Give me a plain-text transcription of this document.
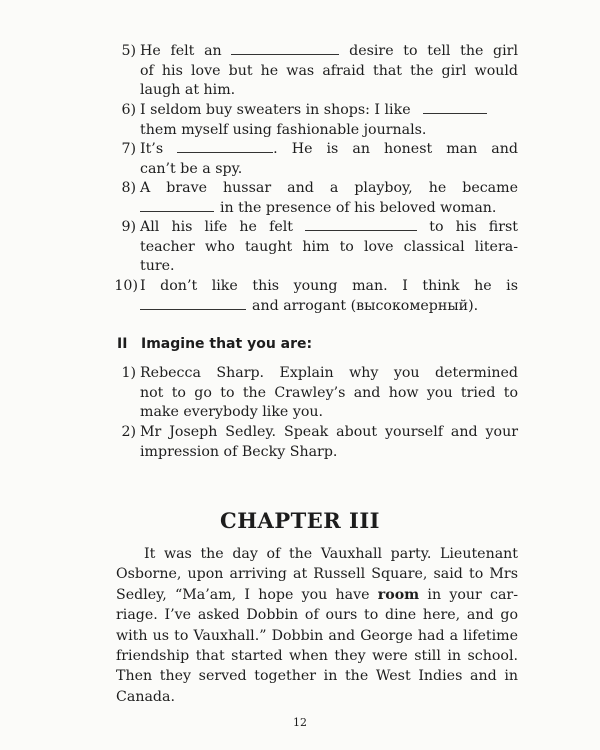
5) He felt an	desire to tell the girl
of his love but he was afraid that the girl would
laugh at him.
6) I seldom buy sweaters in shops: I like
them myself using fashionable journals.
7) It’s	. He is an honest man and
can’t be a spy.
8) A brave hussar and a playboy, he became
in the presence of his beloved woman.
9) All his life he felt	to his first
teacher who taught him to love classical litera-
ture.
10) I don’t like this young man. I think he is
and arrogant (высокомерный).
II Imagine that you are:
1) Rebecca Sharp. Explain why you determined
not to go to the Crawley’s and how you tried to
make everybody like you.
2) Mr Joseph Sedley. Speak about yourself and your
impression of Becky Sharp.
CHAPTER III
It was the day of the Vauxhall party. Lieutenant
Osborne, upon arriving at Russell Square, said to Mrs
Sedley, “Ma’am, I hope you have room in your car-
riage. I’ve asked Dobbin of ours to dine here, and go
with us to Vauxhall.” Dobbin and George had a lifetime
friendship that started when they were still in school.
Then they served together in the West Indies and in
Canada.
12
